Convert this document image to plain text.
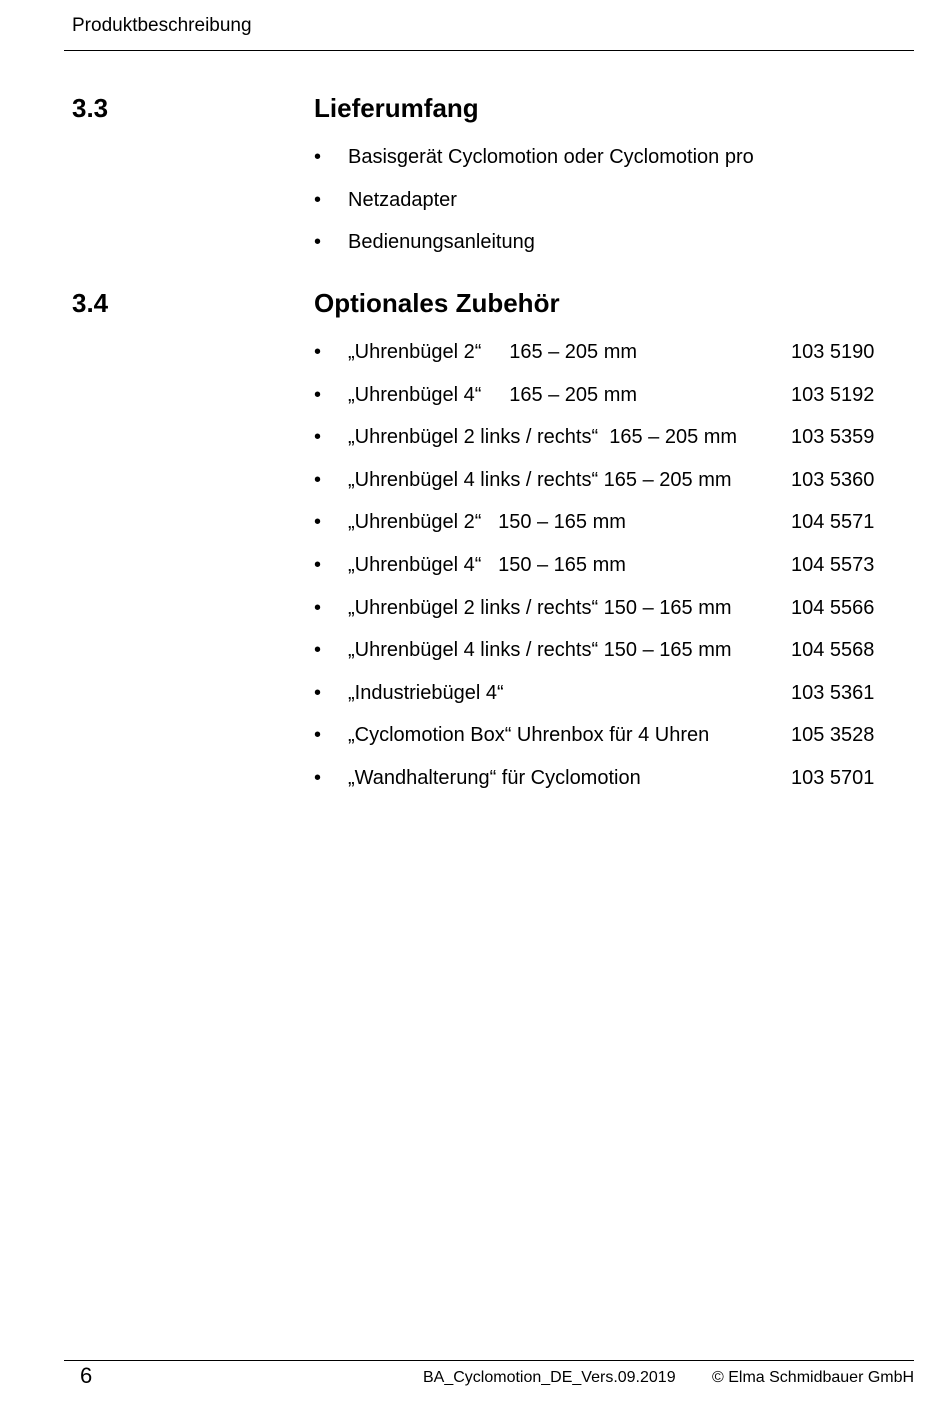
Produktbeschreibung
3.3	Lieferumfang
• Basisgerät Cyclomotion oder Cyclomotion pro
• Netzadapter
• Bedienungsanleitung
3.4	Optionales Zubehör
• „Uhrenbügel 2“     165 – 205 mm	103 5190
• „Uhrenbügel 4“     165 – 205 mm	103 5192
• „Uhrenbügel 2 links / rechts“  165 – 205 mm	103 5359
• „Uhrenbügel 4 links / rechts“ 165 – 205 mm	103 5360
• „Uhrenbügel 2“   150 – 165 mm	104 5571
• „Uhrenbügel 4“   150 – 165 mm	104 5573
• „Uhrenbügel 2 links / rechts“ 150 – 165 mm	104 5566
• „Uhrenbügel 4 links / rechts“ 150 – 165 mm	104 5568
• „Industriebügel 4“	103 5361
• „Cyclomotion Box“ Uhrenbox für 4 Uhren	105 3528
• „Wandhalterung“ für Cyclomotion	103 5701
6	BA_Cyclomotion_DE_Vers.09.2019 © Elma Schmidbauer GmbH
